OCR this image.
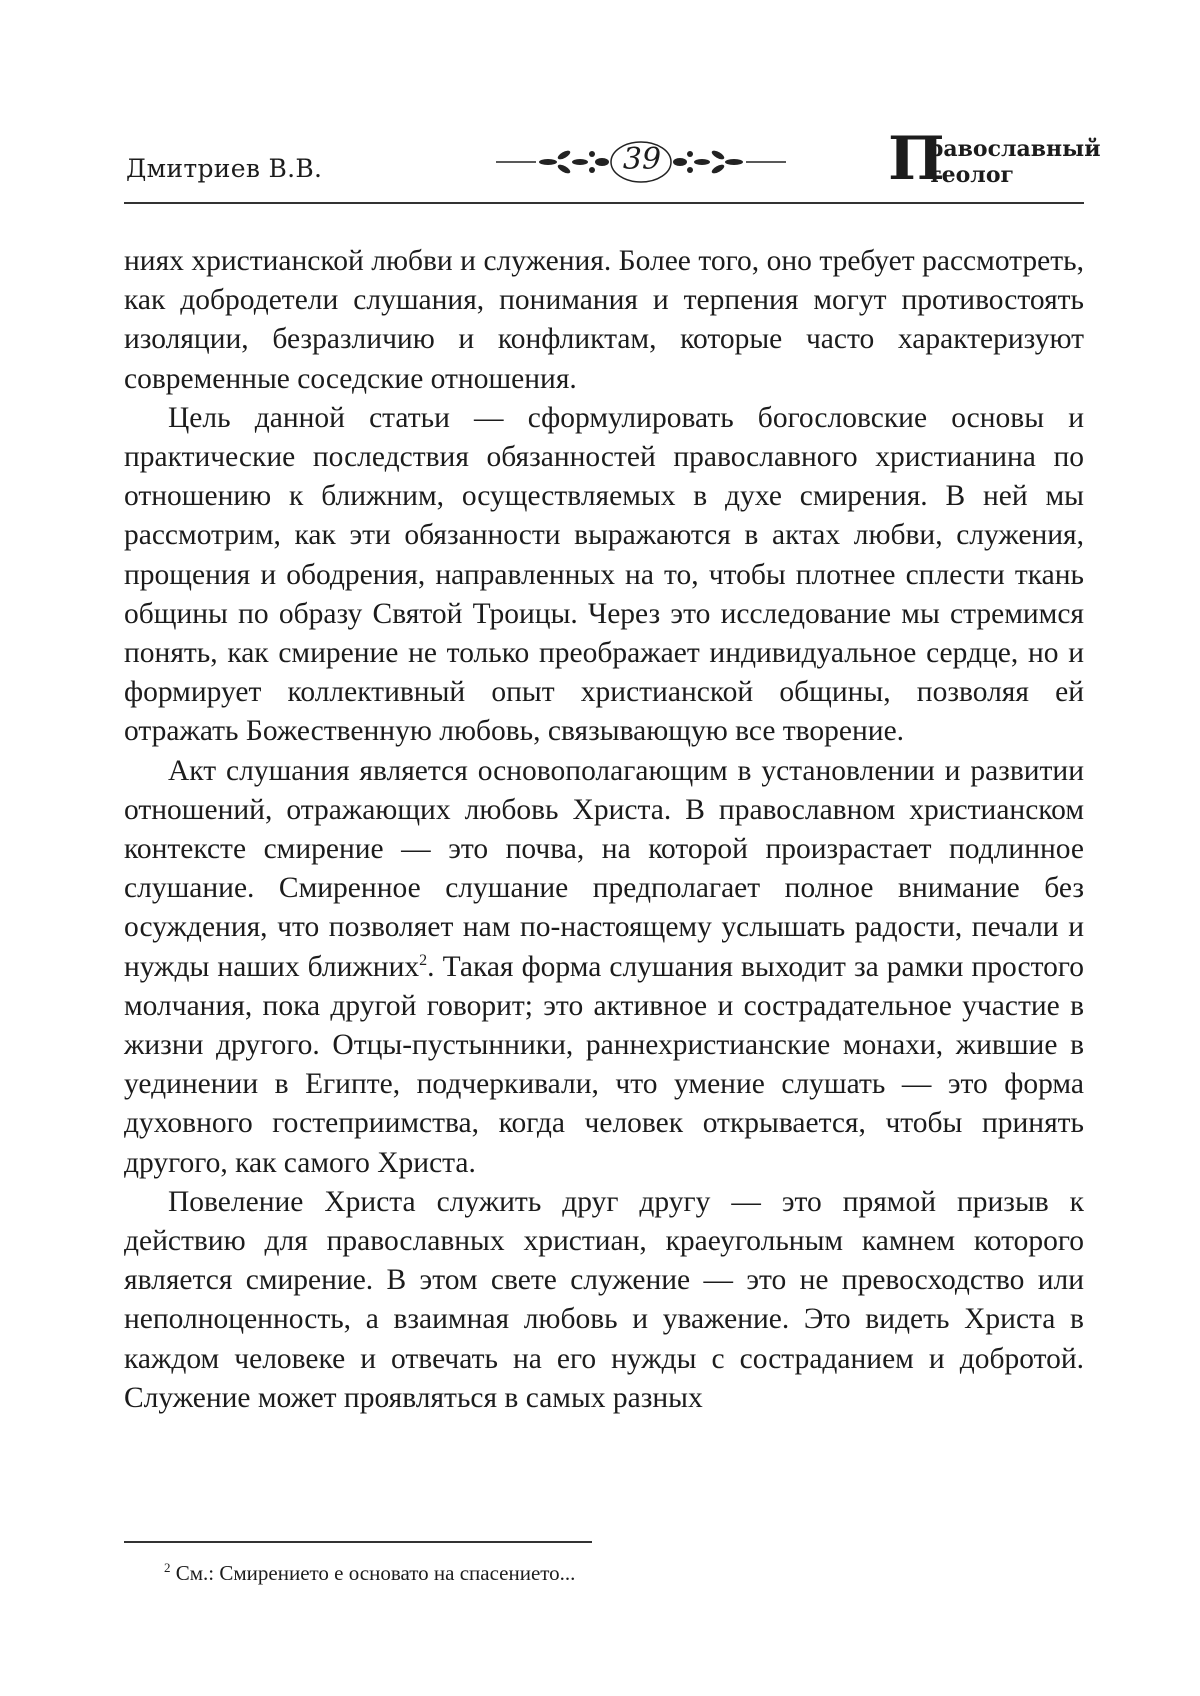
Дмитриев В.В.	39	П
равославный
теолог

ниях христианской любви и служения. Более того, оно требует рассмотреть, как добродетели слушания, понимания и терпения могут противостоять изоляции, безразличию и конфликтам, которые часто характеризуют современные соседские отношения.

Цель данной статьи — сформулировать богословские основы и практические последствия обязанностей православного христианина по отношению к ближним, осуществляемых в духе смирения. В ней мы рассмотрим, как эти обязанности выражаются в актах любви, служения, прощения и ободрения, направленных на то, чтобы плотнее сплести ткань общины по образу Святой Троицы. Через это исследование мы стремимся понять, как смирение не только преображает индивидуальное сердце, но и формирует коллективный опыт христианской общины, позволяя ей отражать Божественную любовь, связывающую все творение.

Акт слушания является основополагающим в установлении и развитии отношений, отражающих любовь Христа. В православном христианском контексте смирение — это почва, на которой произрастает подлинное слушание. Смиренное слушание предполагает полное внимание без осуждения, что позволяет нам по-настоящему услышать радости, печали и нужды наших ближних$^2$. Такая форма слушания выходит за рамки простого молчания, пока другой говорит; это активное и сострадательное участие в жизни другого. Отцы-пустынники, раннехристианские монахи, жившие в уединении в Египте, подчеркивали, что умение слушать — это форма духовного гостеприимства, когда человек открывается, чтобы принять другого, как самого Христа.

Повеление Христа служить друг другу — это прямой призыв к действию для православных христиан, краеугольным камнем которого является смирение. В этом свете служение — это не превосходство или неполноценность, а взаимная любовь и уважение. Это видеть Христа в каждом человеке и отвечать на его нужды с состраданием и добротой. Служение может проявляться в самых разных

$^2$ См.: Смирението е основато на спасението...
